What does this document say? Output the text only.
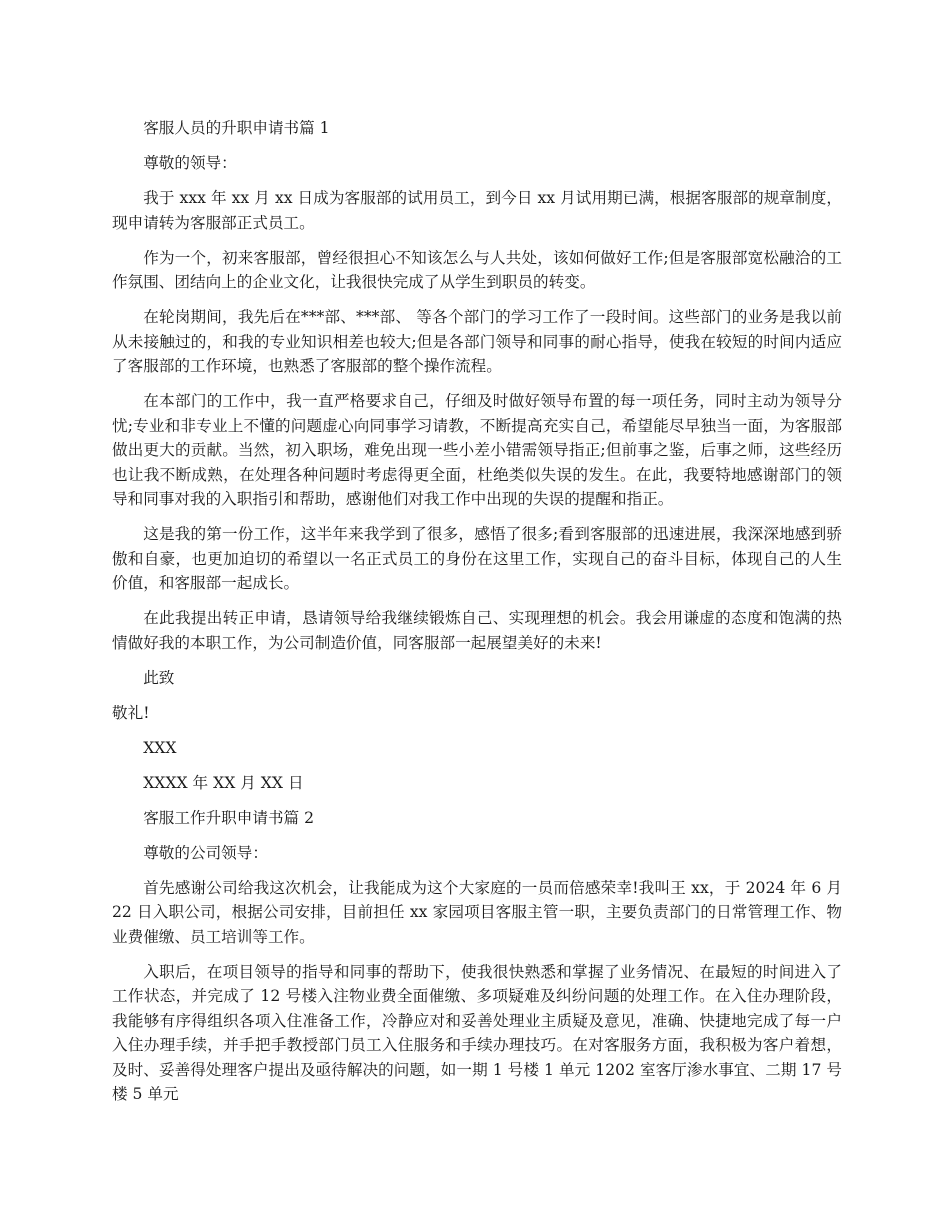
客服人员的升职申请书篇 1

尊敬的领导：

我于 xxx 年 xx 月 xx 日成为客服部的试用员工，到今日 xx 月试用期已满，根据客服部的规章制度，现申请转为客服部正式员工。

作为一个，初来客服部，曾经很担心不知该怎么与人共处，该如何做好工作;但是客服部宽松融洽的工作氛围、团结向上的企业文化，让我很快完成了从学生到职员的转变。

在轮岗期间，我先后在***部、***部、 等各个部门的学习工作了一段时间。这些部门的业务是我以前从未接触过的，和我的专业知识相差也较大;但是各部门领导和同事的耐心指导，使我在较短的时间内适应了客服部的工作环境，也熟悉了客服部的整个操作流程。

在本部门的工作中，我一直严格要求自己，仔细及时做好领导布置的每一项任务，同时主动为领导分忧;专业和非专业上不懂的问题虚心向同事学习请教，不断提高充实自己，希望能尽早独当一面，为客服部做出更大的贡献。当然，初入职场，难免出现一些小差小错需领导指正;但前事之鉴，后事之师，这些经历也让我不断成熟，在处理各种问题时考虑得更全面，杜绝类似失误的发生。在此，我要特地感谢部门的领导和同事对我的入职指引和帮助，感谢他们对我工作中出现的失误的提醒和指正。

这是我的第一份工作，这半年来我学到了很多，感悟了很多;看到客服部的迅速进展，我深深地感到骄傲和自豪，也更加迫切的希望以一名正式员工的身份在这里工作，实现自己的奋斗目标，体现自己的人生价值，和客服部一起成长。

在此我提出转正申请，恳请领导给我继续锻炼自己、实现理想的机会。我会用谦虚的态度和饱满的热情做好我的本职工作，为公司制造价值，同客服部一起展望美好的未来!

此致

敬礼!

XXX

XXXX 年 XX 月 XX 日

客服工作升职申请书篇 2

尊敬的公司领导：

首先感谢公司给我这次机会，让我能成为这个大家庭的一员而倍感荣幸!我叫王 xx，于 2024 年 6 月 22 日入职公司，根据公司安排，目前担任 xx 家园项目客服主管一职，主要负责部门的日常管理工作、物业费催缴、员工培训等工作。

入职后，在项目领导的指导和同事的帮助下，使我很快熟悉和掌握了业务情况、在最短的时间进入了工作状态，并完成了 12 号楼入注物业费全面催缴、多项疑难及纠纷问题的处理工作。在入住办理阶段，我能够有序得组织各项入住准备工作，冷静应对和妥善处理业主质疑及意见，准确、快捷地完成了每一户入住办理手续，并手把手教授部门员工入住服务和手续办理技巧。在对客服务方面，我积极为客户着想，及时、妥善得处理客户提出及亟待解决的问题，如一期 1 号楼 1 单元 1202 室客厅渗水事宜、二期 17 号楼 5 单元
